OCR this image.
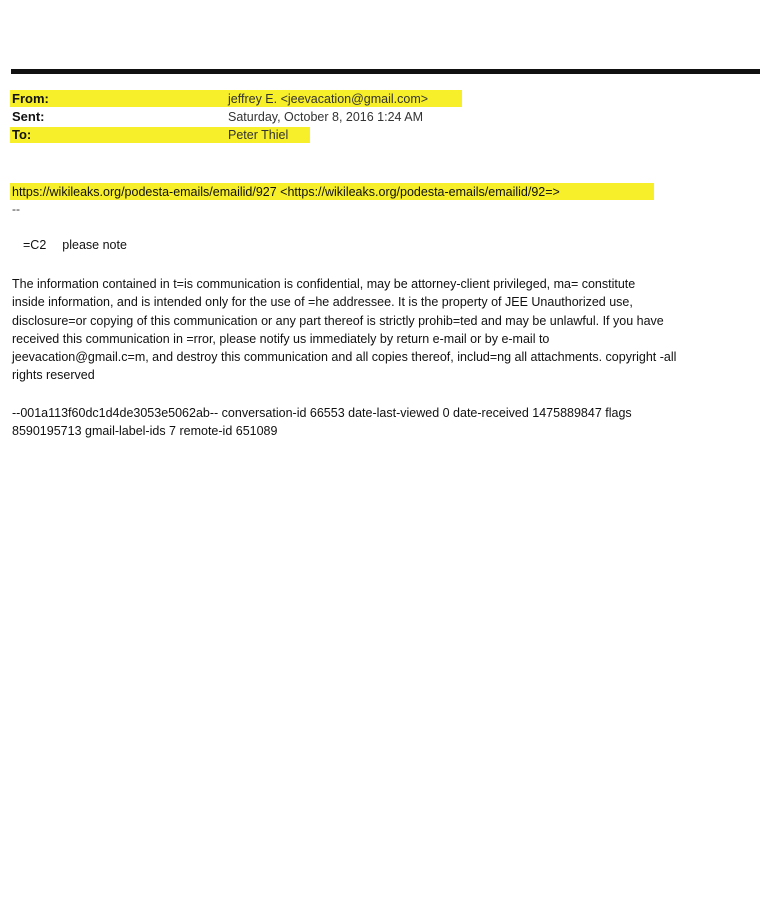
From:	jeffrey E. <jeevacation@gmail.com>
Sent:	Saturday, October 8, 2016 1:24 AM
To:	Peter Thiel
https://wikileaks.org/podesta-emails/emailid/927 <https://wikileaks.org/podesta-emails/emailid/92=>
--
=C2 please note

The information contained in t=is communication is confidential, may be attorney-client privileged, ma= constitute
inside information, and is intended only for the use of =he addressee. It is the property of JEE Unauthorized use,
disclosure=or copying of this communication or any part thereof is strictly prohib=ted and may be unlawful. If you have
received this communication in =rror, please notify us immediately by return e-mail or by e-mail to
jeevacation@gmail.c=m, and destroy this communication and all copies thereof, includ=ng all attachments. copyright -all
rights reserved

--001a113f60dc1d4de3053e5062ab-- conversation-id 66553 date-last-viewed 0 date-received 1475889847 flags
8590195713 gmail-label-ids 7 remote-id 651089
